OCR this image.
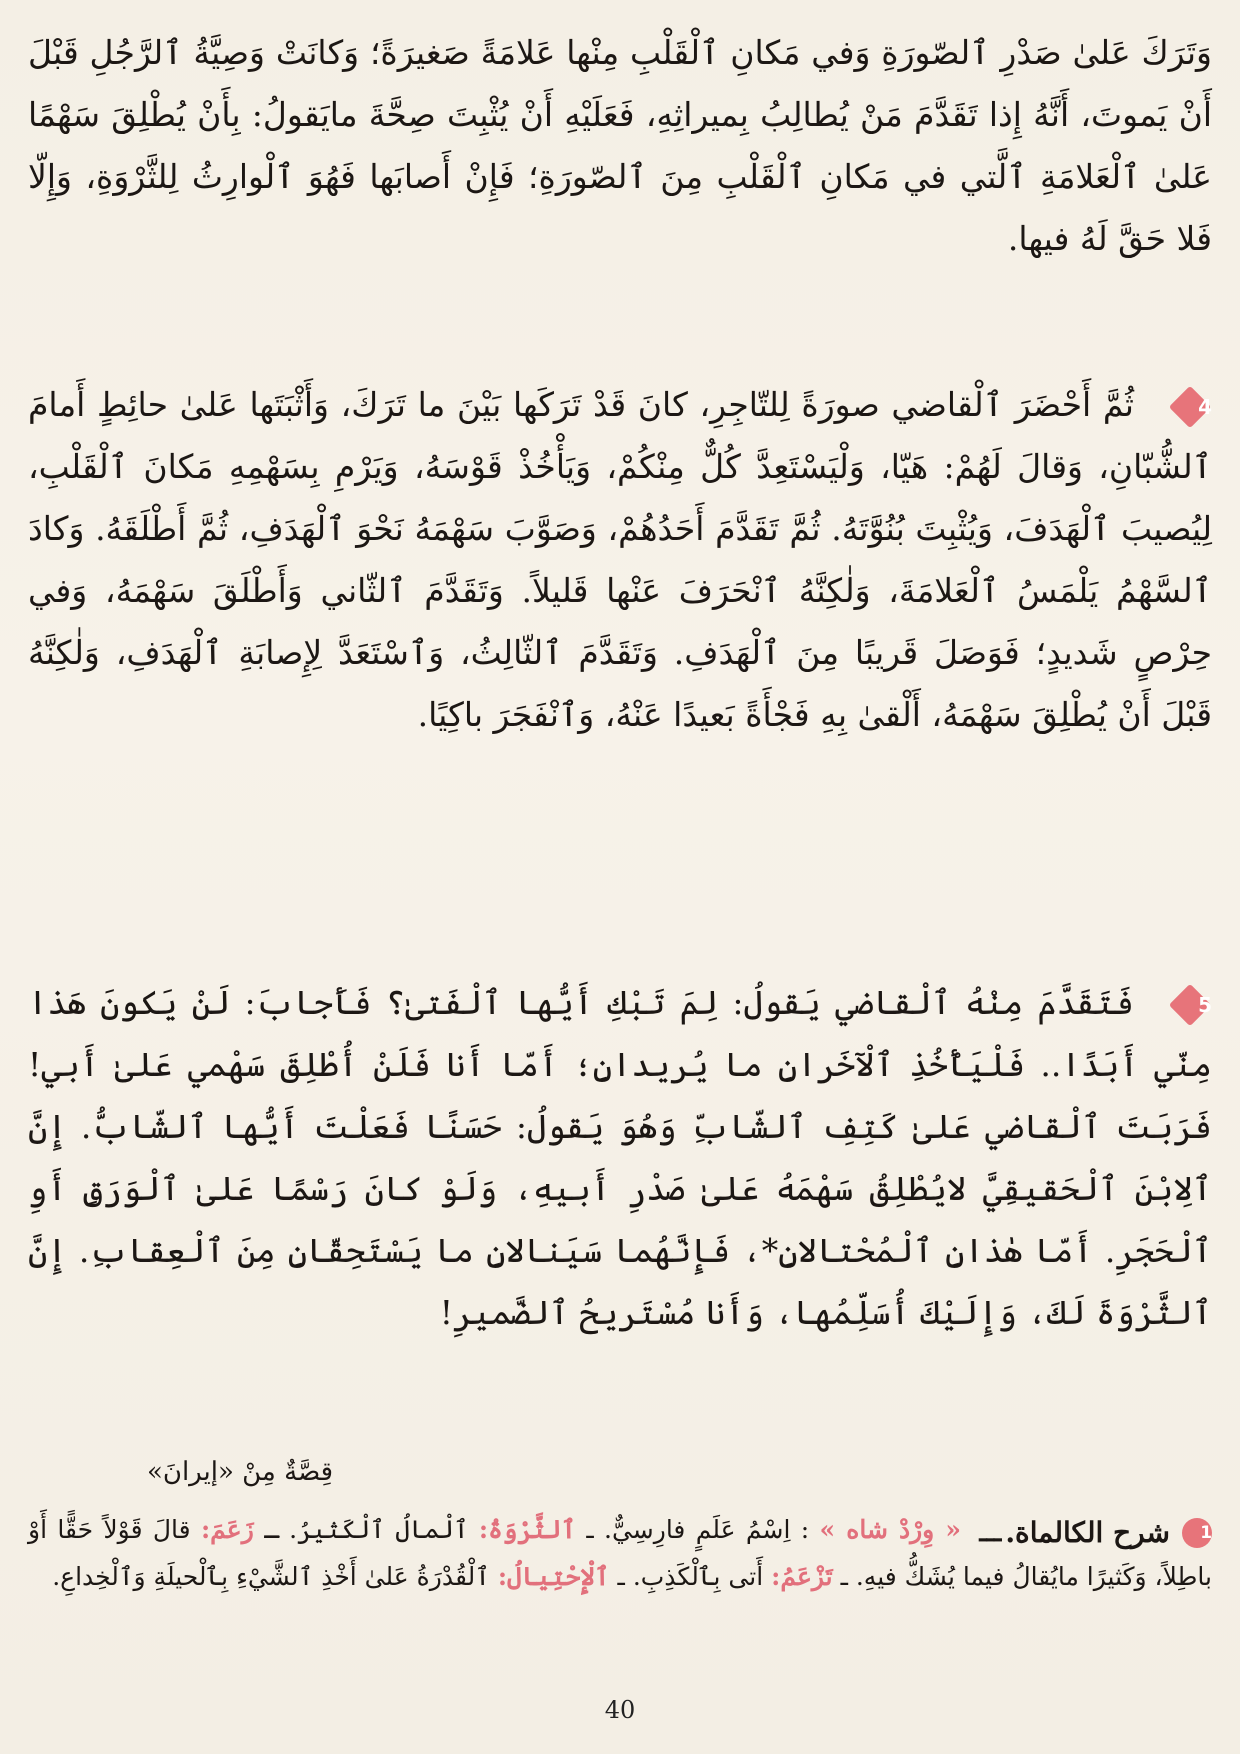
وَتَرَكَ عَلىٰ صَدْرِ ٱلصّورَةِ وَفي مَكانِ ٱلْقَلْبِ مِنْها عَلامَةً صَغيرَةً؛ وَكانَتْ وَصِيَّةُ ٱلرَّجُلِ قَبْلَ أَنْ يَموتَ، أَنَّهُ إِذا تَقَدَّمَ مَنْ يُطالِبُ بِميراثِهِ، فَعَلَيْهِ أَنْ يُثْبِتَ صِحَّةَ مايَقولُ: بِأَنْ يُطْلِقَ سَهْمًا عَلىٰ ٱلْعَلامَةِ ٱلَّتي في مَكانِ ٱلْقَلْبِ مِنَ ٱلصّورَةِ؛ فَإِنْ أَصابَها فَهُوَ ٱلْوارِثُ لِلثَّرْوَةِ، وَإِلّا فَلا حَقَّ لَهُ فيها.
4
ثُمَّ أَحْضَرَ ٱلْقاضي صورَةً لِلتّاجِرِ، كانَ قَدْ تَرَكَها بَيْنَ ما تَرَكَ، وَأَثْبَتَها عَلىٰ حائِطٍ أَمامَ ٱلشُّبّانِ، وَقالَ لَهُمْ: هَيّا، وَلْيَسْتَعِدَّ كُلٌّ مِنْكُمْ، وَيَأْخُذْ قَوْسَهُ، وَيَرْمِ بِسَهْمِهِ مَكانَ ٱلْقَلْبِ، لِيُصيبَ ٱلْهَدَفَ، وَيُثْبِتَ بُنُوَّتَهُ. ثُمَّ تَقَدَّمَ أَحَدُهُمْ، وَصَوَّبَ سَهْمَهُ نَحْوَ ٱلْهَدَفِ، ثُمَّ أَطْلَقَهُ. وَكادَ ٱلسَّهْمُ يَلْمَسُ ٱلْعَلامَةَ، وَلٰكِنَّهُ ٱنْحَرَفَ عَنْها قَليلاً. وَتَقَدَّمَ ٱلثّاني وَأَطْلَقَ سَهْمَهُ، وَفي حِرْصٍ شَديدٍ؛ فَوَصَلَ قَريبًا مِنَ ٱلْهَدَفِ. وَتَقَدَّمَ ٱلثّالِثُ، وَٱسْتَعَدَّ لِإِصابَةِ ٱلْهَدَفِ، وَلٰكِنَّهُ قَبْلَ أَنْ يُطْلِقَ سَهْمَهُ، أَلْقىٰ بِهِ فَجْأَةً بَعيدًا عَنْهُ، وَٱنْفَجَرَ باكِيًا.
5
فَتَقَدَّمَ مِنْهُ ٱلْقاضي يَقولُ: لِمَ تَبْكِ أَيُّها ٱلْفَتىٰ؟ فَأَجابَ: لَنْ يَكونَ هَذا مِنّي أَبَدًا.. فَلْيَأْخُذِ ٱلْآخَرانِ ما يُريدانِ؛ أَمّا أَنا فَلَنْ أُطْلِقَ سَهْمي عَلىٰ أَبي! فَرَبَتَ ٱلْقاضي عَلىٰ كَتِفِ ٱلشّابِّ وَهُوَ يَقولُ: حَسَنًا فَعَلْتَ أَيُّها ٱلشّابُّ. إِنَّ ٱلِابْنَ ٱلْحَقيقِيَّ لايُطْلِقُ سَهْمَهُ عَلىٰ صَدْرِ أَبيهِ، وَلَوْ كانَ رَسْمًا عَلىٰ ٱلْوَرَقِ أَوِ ٱلْحَجَرِ. أَمّا هٰذانِ ٱلْمُحْتالانِ*، فَإِنَّهُما سَيَنالانِ ما يَسْتَحِقّانِ مِنَ ٱلْعِقابِ. إِنَّ ٱلثَّرْوَةَ لَكَ، وَإِلَيْكَ أُسَلِّمُها، وَأَنا مُسْتَريحُ ٱلضَّميرِ!
قِصَّةٌ مِنْ «إيرانَ»
1
شرح الكالماة.
ـــ
« وِرْدْ شاه » : اِسْمُ عَلَمٍ فارِسِيٌّ. ـ ٱلثَّرْوَةُ: ٱلْمالُ ٱلْكَثيرُ. ـ زَعَمَ: قالَ قَوْلاً حَقًّا أَوْ باطِلاً، وَكَثيرًا مايُقالُ فيما يُشَكُّ فيهِ. ـ تَزْعَمُ: أَتى بِٱلْكَذِبِ. ـ ٱلْإِحْتِيالُ: ٱلْقُدْرَةُ عَلىٰ أَخْذِ ٱلشَّيْءِ بِٱلْحيلَةِ وَٱلْخِداعِ.
40
